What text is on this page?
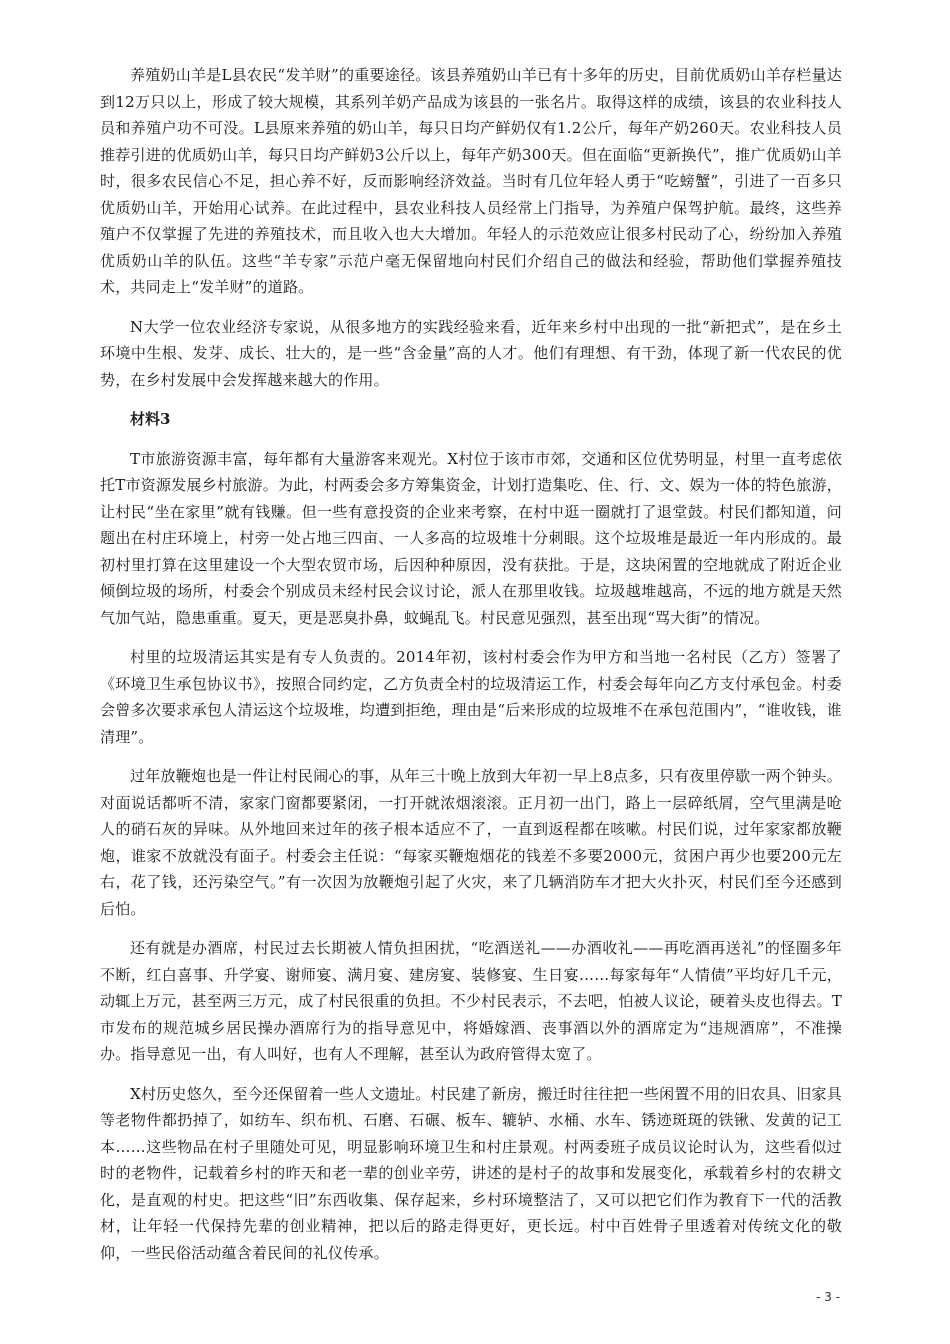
养殖奶山羊是L县农民“发羊财”的重要途径。该县养殖奶山羊已有十多年的历史，目前优质奶山羊存栏量达到12万只以上，形成了较大规模，其系列羊奶产品成为该县的一张名片。取得这样的成绩，该县的农业科技人员和养殖户功不可没。L县原来养殖的奶山羊，每只日均产鲜奶仅有1.2公斤，每年产奶260天。农业科技人员推荐引进的优质奶山羊，每只日均产鲜奶3公斤以上，每年产奶300天。但在面临“更新换代”，推广优质奶山羊时，很多农民信心不足，担心养不好，反而影响经济效益。当时有几位年轻人勇于“吃螃蟹”，引进了一百多只优质奶山羊，开始用心试养。在此过程中，县农业科技人员经常上门指导，为养殖户保驾护航。最终，这些养殖户不仅掌握了先进的养殖技术，而且收入也大大增加。年轻人的示范效应让很多村民动了心，纷纷加入养殖优质奶山羊的队伍。这些“羊专家”示范户毫无保留地向村民们介绍自己的做法和经验，帮助他们掌握养殖技术，共同走上“发羊财”的道路。

N大学一位农业经济专家说，从很多地方的实践经验来看，近年来乡村中出现的一批“新把式”，是在乡土环境中生根、发芽、成长、壮大的，是一些“含金量”高的人才。他们有理想、有干劲，体现了新一代农民的优势，在乡村发展中会发挥越来越大的作用。

材料3

T市旅游资源丰富，每年都有大量游客来观光。X村位于该市市郊，交通和区位优势明显，村里一直考虑依托T市资源发展乡村旅游。为此，村两委会多方筹集资金，计划打造集吃、住、行、文、娱为一体的特色旅游，让村民“坐在家里”就有钱赚。但一些有意投资的企业来考察，在村中逛一圈就打了退堂鼓。村民们都知道，问题出在村庄环境上，村旁一处占地三四亩、一人多高的垃圾堆十分刺眼。这个垃圾堆是最近一年内形成的。最初村里打算在这里建设一个大型农贸市场，后因种种原因，没有获批。于是，这块闲置的空地就成了附近企业倾倒垃圾的场所，村委会个别成员未经村民会议讨论，派人在那里收钱。垃圾越堆越高，不远的地方就是天然气加气站，隐患重重。夏天，更是恶臭扑鼻，蚊蝇乱飞。村民意见强烈，甚至出现“骂大街”的情况。

村里的垃圾清运其实是有专人负责的。2014年初，该村村委会作为甲方和当地一名村民（乙方）签署了《环境卫生承包协议书》，按照合同约定，乙方负责全村的垃圾清运工作，村委会每年向乙方支付承包金。村委会曾多次要求承包人清运这个垃圾堆，均遭到拒绝，理由是“后来形成的垃圾堆不在承包范围内”，“谁收钱，谁清理”。

过年放鞭炮也是一件让村民闹心的事，从年三十晚上放到大年初一早上8点多，只有夜里停歇一两个钟头。对面说话都听不清，家家门窗都要紧闭，一打开就浓烟滚滚。正月初一出门，路上一层碎纸屑，空气里满是呛人的硝石灰的异味。从外地回来过年的孩子根本适应不了，一直到返程都在咳嗽。村民们说，过年家家都放鞭炮，谁家不放就没有面子。村委会主任说：“每家买鞭炮烟花的钱差不多要2000元，贫困户再少也要200元左右，花了钱，还污染空气。”有一次因为放鞭炮引起了火灾，来了几辆消防车才把大火扑灭，村民们至今还感到后怕。

还有就是办酒席，村民过去长期被人情负担困扰，“吃酒送礼——办酒收礼——再吃酒再送礼”的怪圈多年不断，红白喜事、升学宴、谢师宴、满月宴、建房宴、装修宴、生日宴……每家每年“人情债”平均好几千元，动辄上万元，甚至两三万元，成了村民很重的负担。不少村民表示，不去吧，怕被人议论，硬着头皮也得去。T市发布的规范城乡居民操办酒席行为的指导意见中，将婚嫁酒、丧事酒以外的酒席定为“违规酒席”，不准操办。指导意见一出，有人叫好，也有人不理解，甚至认为政府管得太宽了。

X村历史悠久，至今还保留着一些人文遗址。村民建了新房，搬迁时往往把一些闲置不用的旧农具、旧家具等老物件都扔掉了，如纺车、织布机、石磨、石碾、板车、辘轳、水桶、水车、锈迹斑斑的铁锹、发黄的记工本……这些物品在村子里随处可见，明显影响环境卫生和村庄景观。村两委班子成员议论时认为，这些看似过时的老物件，记载着乡村的昨天和老一辈的创业辛劳，讲述的是村子的故事和发展变化，承载着乡村的农耕文化，是直观的村史。把这些“旧”东西收集、保存起来，乡村环境整洁了，又可以把它们作为教育下一代的活教材，让年轻一代保持先辈的创业精神，把以后的路走得更好，更长远。村中百姓骨子里透着对传统文化的敬仰，一些民俗活动蕴含着民间的礼仪传承。

- 3 -
